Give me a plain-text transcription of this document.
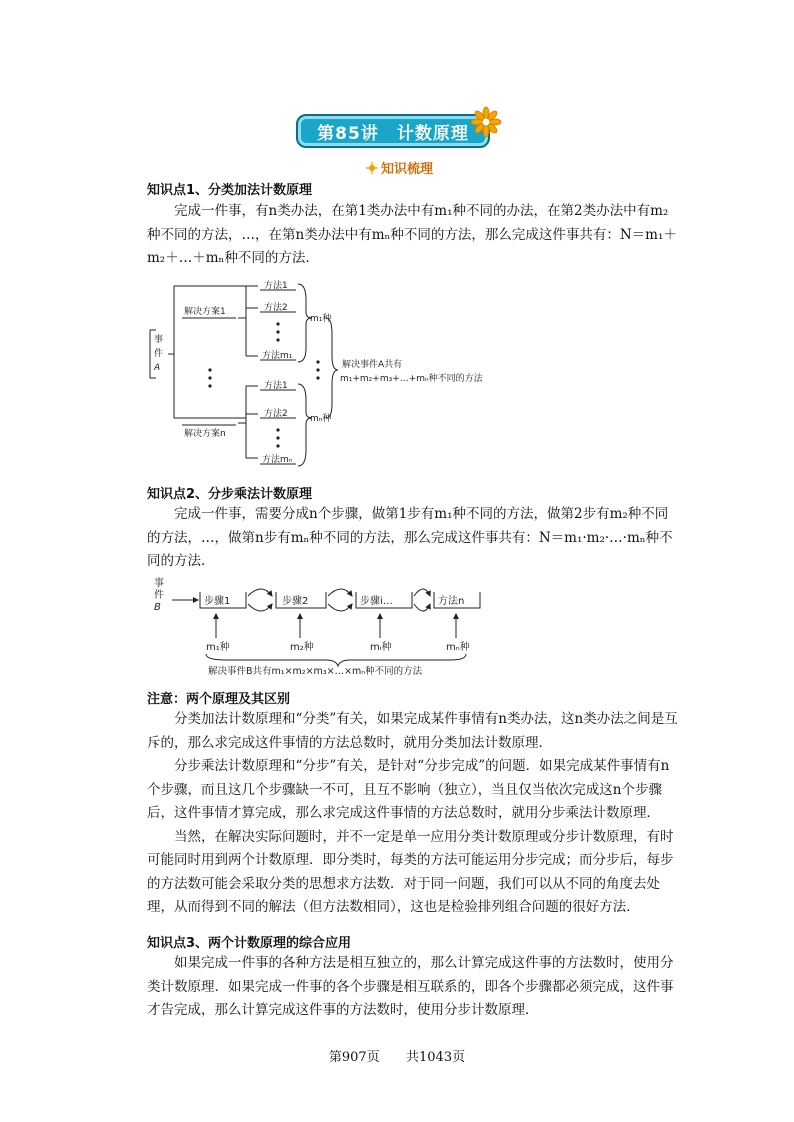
第85讲　计数原理
知识梳理
知识点1、分类加法计数原理

完成一件事，有n类办法，在第1类办法中有m₁种不同的办法，在第2类办法中有m₂种不同的方法，…，在第n类办法中有mₙ种不同的方法，那么完成这件事共有：N＝m₁＋m₂＋…＋mₙ种不同的方法．

事
件
A
解决方案1
解决方案n
方法1
方法2
方法m₁
方法1
方法2
方法mₙ
m₁种
mₙ种
解决事件A共有
m₁+m₂+m₃+…+mₙ种不同的方法
知识点2、分步乘法计数原理

完成一件事，需要分成n个步骤，做第1步有m₁种不同的方法，做第2步有m₂种不同的方法，…，做第n步有mₙ种不同的方法，那么完成这件事共有：N＝m₁·m₂·…·mₙ种不同的方法．

事
件
B
步骤1	步骤2	步骤i…	方法n
m₁种	m₂种	mᵢ种	mₙ种
解决事件B共有m₁×m₂×m₃×…×mₙ种不同的方法
注意：两个原理及其区别

分类加法计数原理和“分类”有关，如果完成某件事情有n类办法，这n类办法之间是互斥的，那么求完成这件事情的方法总数时，就用分类加法计数原理．

分步乘法计数原理和“分步”有关，是针对“分步完成”的问题．如果完成某件事情有n个步骤，而且这几个步骤缺一不可，且互不影响（独立），当且仅当依次完成这n个步骤后，这件事情才算完成，那么求完成这件事情的方法总数时，就用分步乘法计数原理．

当然，在解决实际问题时，并不一定是单一应用分类计数原理或分步计数原理，有时可能同时用到两个计数原理．即分类时，每类的方法可能运用分步完成；而分步后，每步的方法数可能会采取分类的思想求方法数．对于同一问题，我们可以从不同的角度去处理，从而得到不同的解法（但方法数相同），这也是检验排列组合问题的很好方法．

知识点3、两个计数原理的综合应用

如果完成一件事的各种方法是相互独立的，那么计算完成这件事的方法数时，使用分类计数原理．如果完成一件事的各个步骤是相互联系的，即各个步骤都必须完成，这件事才告完成，那么计算完成这件事的方法数时，使用分步计数原理．

第907页 共1043页
